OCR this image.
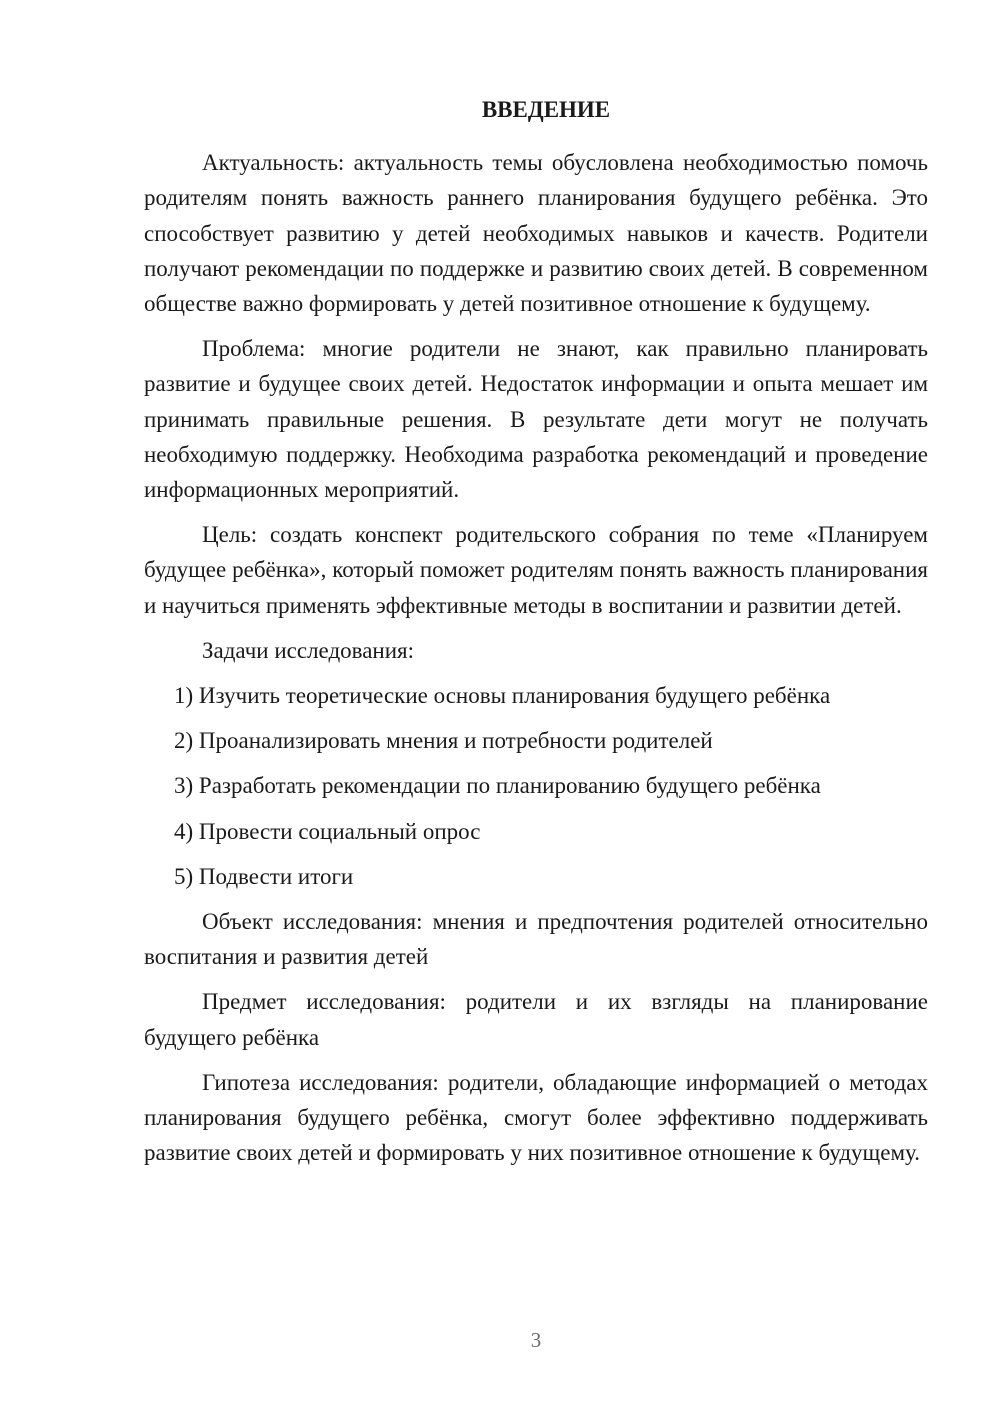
ВВЕДЕНИЕ

Актуальность: актуальность темы обусловлена необходимостью помочь родителям понять важность раннего планирования будущего ребёнка. Это способствует развитию у детей необходимых навыков и качеств. Родители получают рекомендации по поддержке и развитию своих детей. В современном обществе важно формировать у детей позитивное отношение к будущему.

Проблема: многие родители не знают, как правильно планировать развитие и будущее своих детей. Недостаток информации и опыта мешает им принимать правильные решения. В результате дети могут не получать необходимую поддержку. Необходима разработка рекомендаций и проведение информационных мероприятий.

Цель: создать конспект родительского собрания по теме «Планируем будущее ребёнка», который поможет родителям понять важность планирования и научиться применять эффективные методы в воспитании и развитии детей.

Задачи исследования:

1) Изучить теоретические основы планирования будущего ребёнка
2) Проанализировать мнения и потребности родителей
3) Разработать рекомендации по планированию будущего ребёнка
4) Провести социальный опрос
5) Подвести итоги

Объект исследования: мнения и предпочтения родителей относительно воспитания и развития детей

Предмет исследования: родители и их взгляды на планирование будущего ребёнка

Гипотеза исследования: родители, обладающие информацией о методах планирования будущего ребёнка, смогут более эффективно поддерживать развитие своих детей и формировать у них позитивное отношение к будущему.

3
